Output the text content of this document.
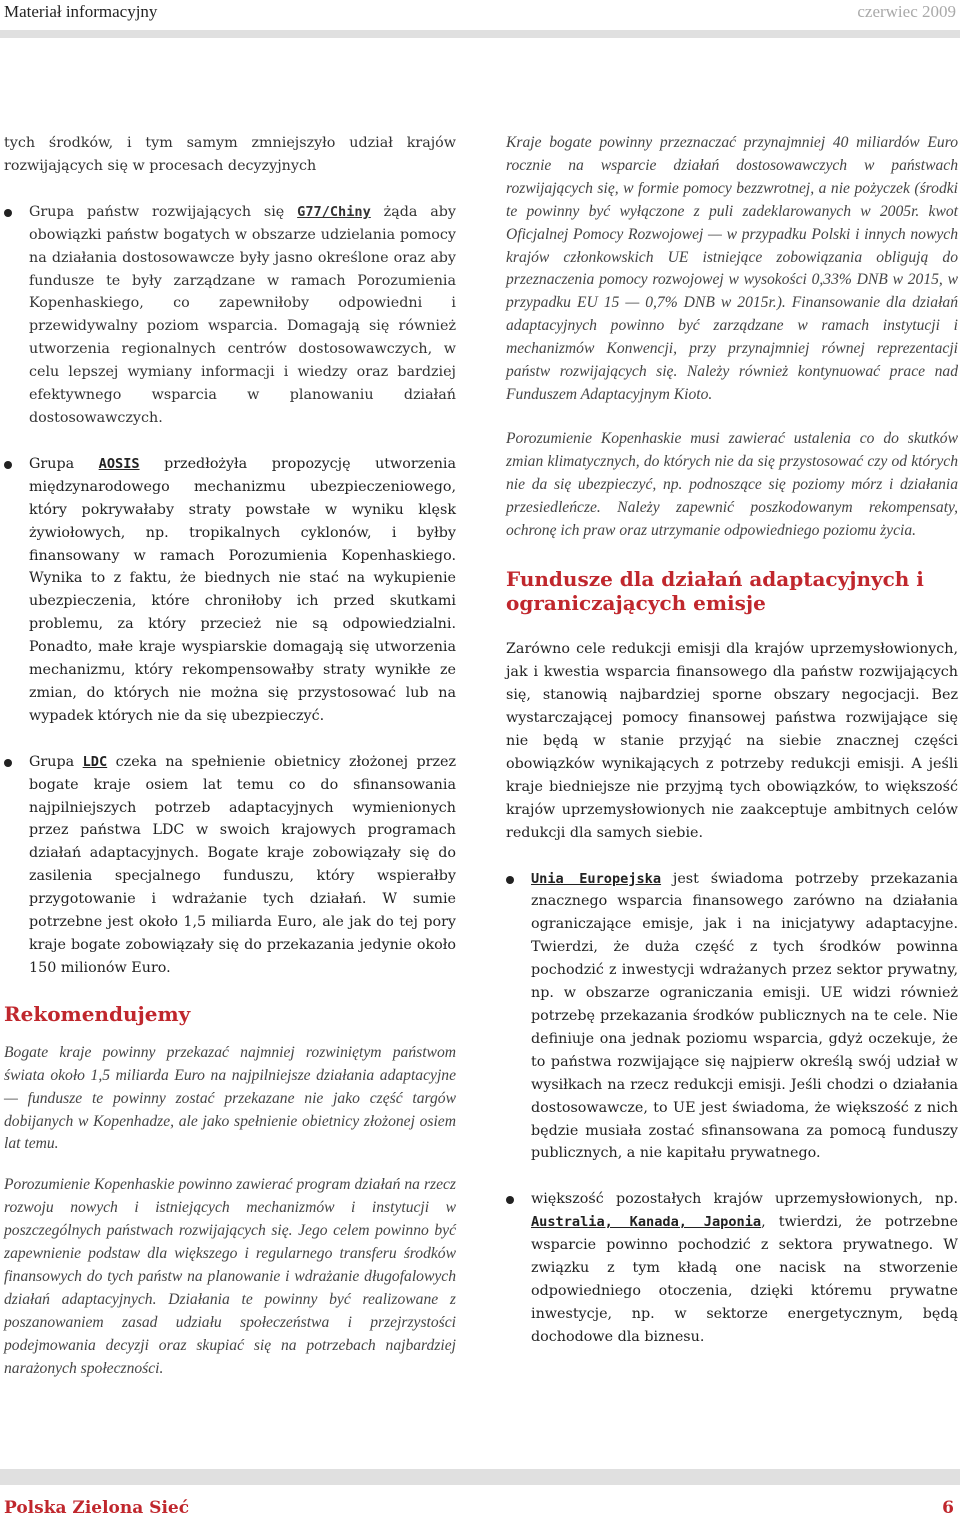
Materiał informacyjny	czerwiec 2009

tych środków, i tym samym zmniejszyło udział krajów rozwijających się w procesach decyzyjnych

Grupa państw rozwijających się G77/Chiny żąda aby obowiązki państw bogatych w obszarze udzielania pomocy na działania dostosowawcze były jasno określone oraz aby fundusze te były zarządzane w ramach Porozumienia Kopenhaskiego, co zapewniłoby odpowiedni i przewidywalny poziom wsparcia. Domagają się również utworzenia regionalnych centrów dostosowawczych, w celu lepszej wymiany informacji i wiedzy oraz bardziej efektywnego wsparcia w planowaniu działań dostosowawczych.

Grupa AOSIS przedłożyła propozycję utworzenia międzynarodowego mechanizmu ubezpieczeniowego, który pokrywałaby straty powstałe w wyniku klęsk żywiołowych, np. tropikalnych cyklonów, i byłby finansowany w ramach Porozumienia Kopenhaskiego. Wynika to z faktu, że biednych nie stać na wykupienie ubezpieczenia, które chroniłoby ich przed skutkami problemu, za który przecież nie są odpowiedzialni. Ponadto, małe kraje wyspiarskie domagają się utworzenia mechanizmu, który rekompensowałby straty wynikłe ze zmian, do których nie można się przystosować lub na wypadek których nie da się ubezpieczyć.

Grupa LDC czeka na spełnienie obietnicy złożonej przez bogate kraje osiem lat temu co do sfinansowania najpilniejszych potrzeb adaptacyjnych wymienionych przez państwa LDC w swoich krajowych programach działań adaptacyjnych. Bogate kraje zobowiązały się do zasilenia specjalnego funduszu, który wspierałby przygotowanie i wdrażanie tych działań. W sumie potrzebne jest około 1,5 miliarda Euro, ale jak do tej pory kraje bogate zobowiązały się do przekazania jedynie około 150 milionów Euro.

Rekomendujemy

Bogate kraje powinny przekazać najmniej rozwiniętym państwom świata około 1,5 miliarda Euro na najpilniejsze działania adaptacyjne — fundusze te powinny zostać przekazane nie jako część targów dobijanych w Kopenhadze, ale jako spełnienie obietnicy złożonej osiem lat temu.

Porozumienie Kopenhaskie powinno zawierać program działań na rzecz rozwoju nowych i istniejących mechanizmów i instytucji w poszczególnych państwach rozwijających się. Jego celem powinno być zapewnienie podstaw dla większego i regularnego transferu środków finansowych do tych państw na planowanie i wdrażanie długofalowych działań adaptacyjnych. Działania te powinny być realizowane z poszanowaniem zasad udziału społeczeństwa i przejrzystości podejmowania decyzji oraz skupiać się na potrzebach najbardziej narażonych społeczności.

Kraje bogate powinny przeznaczać przynajmniej 40 miliardów Euro rocznie na wsparcie działań dostosowawczych w państwach rozwijających się, w formie pomocy bezzwrotnej, a nie pożyczek (środki te powinny być wyłączone z puli zadeklarowanych w 2005r. kwot Oficjalnej Pomocy Rozwojowej — w przypadku Polski i innych nowych krajów członkowskich UE istniejące zobowiązania obligują do przeznaczenia pomocy rozwojowej w wysokości 0,33% DNB w 2015, w przypadku EU 15 — 0,7% DNB w 2015r.). Finansowanie dla działań adaptacyjnych powinno być zarządzane w ramach instytucji i mechanizmów Konwencji, przy przynajmniej równej reprezentacji państw rozwijających się. Należy również kontynuować prace nad Funduszem Adaptacyjnym Kioto.

Porozumienie Kopenhaskie musi zawierać ustalenia co do skutków zmian klimatycznych, do których nie da się przystosować czy od których nie da się ubezpieczyć, np. podnoszące się poziomy mórz i działania przesiedleńcze. Należy zapewnić poszkodowanym rekompensaty, ochronę ich praw oraz utrzymanie odpowiedniego poziomu życia.

Fundusze dla działań adaptacyjnych i ograniczających emisje

Zarówno cele redukcji emisji dla krajów uprzemysłowionych, jak i kwestia wsparcia finansowego dla państw rozwijających się, stanowią najbardziej sporne obszary negocjacji. Bez wystarczającej pomocy finansowej państwa rozwijające się nie będą w stanie przyjąć na siebie znacznej części obowiązków wynikających z potrzeby redukcji emisji. A jeśli kraje biedniejsze nie przyjmą tych obowiązków, to większość krajów uprzemysłowionych nie zaakceptuje ambitnych celów redukcji dla samych siebie.

Unia Europejska jest świadoma potrzeby przekazania znacznego wsparcia finansowego zarówno na działania ograniczające emisje, jak i na inicjatywy adaptacyjne. Twierdzi, że duża część z tych środków powinna pochodzić z inwestycji wdrażanych przez sektor prywatny, np. w obszarze ograniczania emisji. UE widzi również potrzebę przekazania środków publicznych na te cele. Nie definiuje ona jednak poziomu wsparcia, gdyż oczekuje, że to państwa rozwijające się najpierw określą swój udział w wysiłkach na rzecz redukcji emisji. Jeśli chodzi o działania dostosowawcze, to UE jest świadoma, że większość z nich będzie musiała zostać sfinansowana za pomocą funduszy publicznych, a nie kapitału prywatnego.

większość pozostałych krajów uprzemysłowionych, np. Australia, Kanada, Japonia, twierdzi, że potrzebne wsparcie powinno pochodzić z sektora prywatnego. W związku z tym kładą one nacisk na stworzenie odpowiedniego otoczenia, dzięki któremu prywatne inwestycje, np. w sektorze energetycznym, będą dochodowe dla biznesu.

Polska Zielona Sieć	6
